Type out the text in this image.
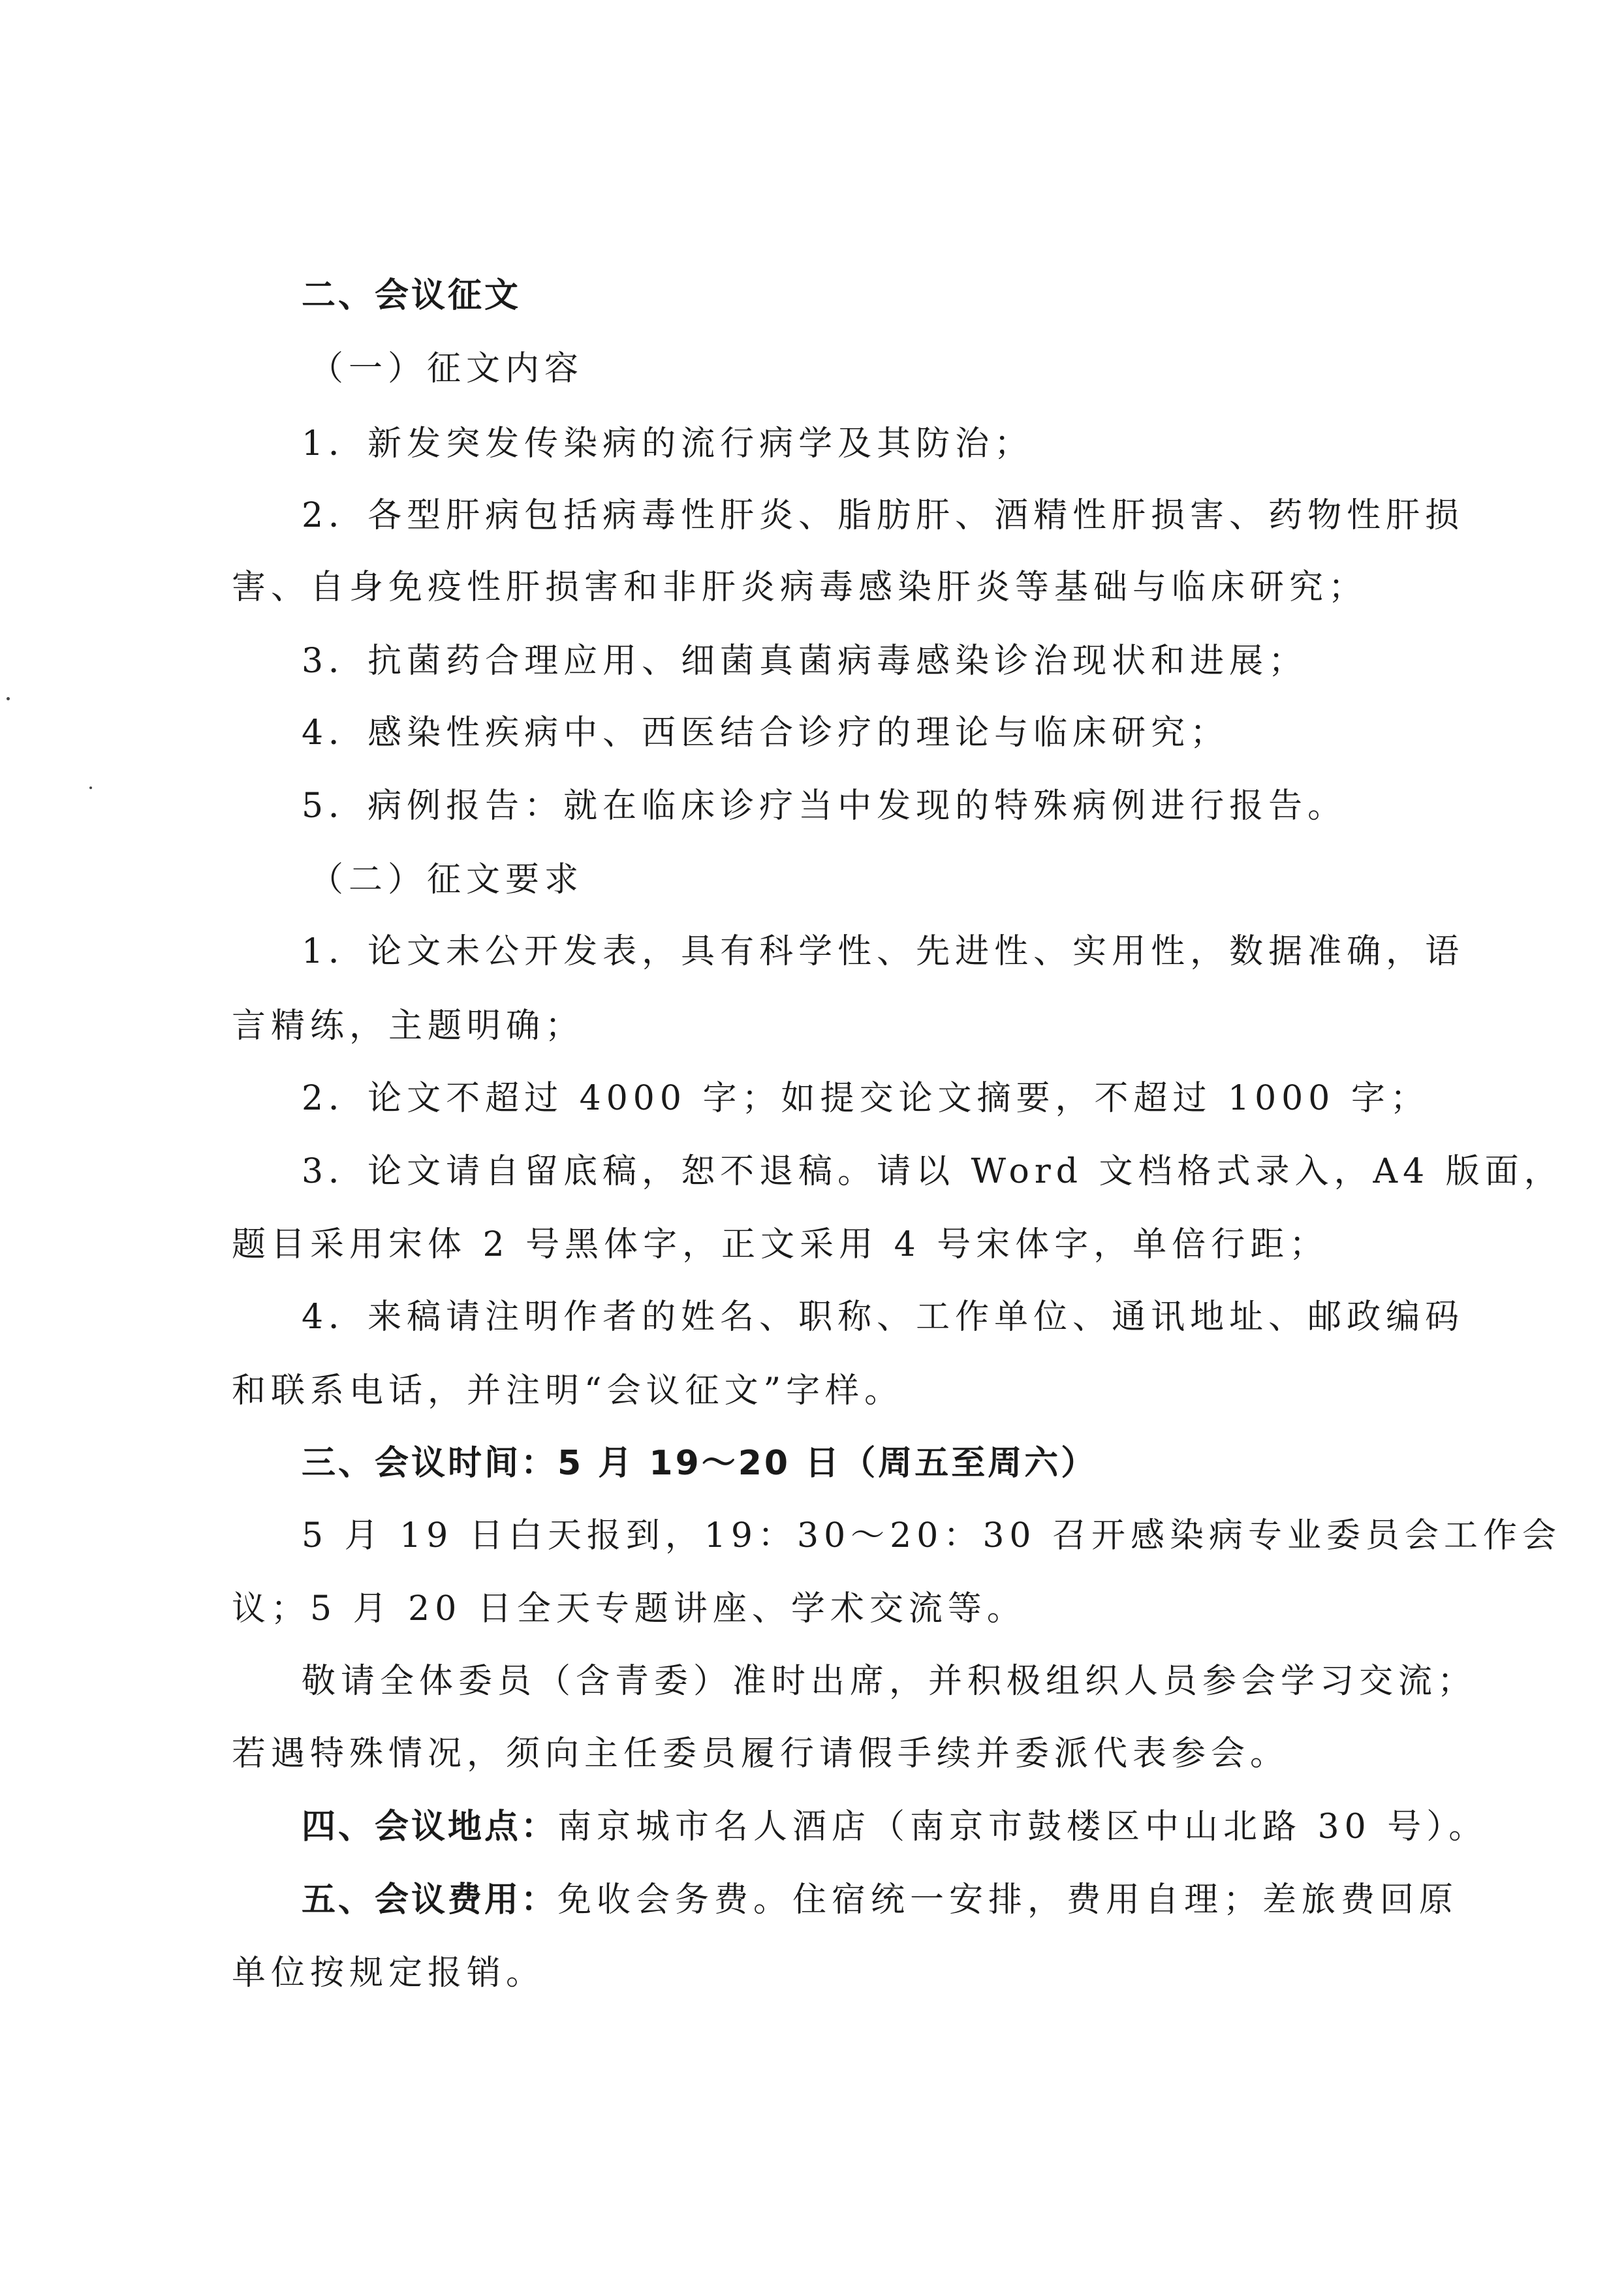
二、会议征文

（一）征文内容

1．新发突发传染病的流行病学及其防治；

2．各型肝病包括病毒性肝炎、脂肪肝、酒精性肝损害、药物性肝损

害、自身免疫性肝损害和非肝炎病毒感染肝炎等基础与临床研究；

3．抗菌药合理应用、细菌真菌病毒感染诊治现状和进展；

4．感染性疾病中、西医结合诊疗的理论与临床研究；

5．病例报告：就在临床诊疗当中发现的特殊病例进行报告。

（二）征文要求

1．论文未公开发表，具有科学性、先进性、实用性，数据准确，语

言精练，主题明确；

2．论文不超过 4000 字；如提交论文摘要，不超过 1000 字；

3．论文请自留底稿，恕不退稿。请以 Word 文档格式录入，A4 版面，

题目采用宋体 2 号黑体字，正文采用 4 号宋体字，单倍行距；

4．来稿请注明作者的姓名、职称、工作单位、通讯地址、邮政编码

和联系电话，并注明“会议征文”字样。

三、会议时间：5 月 19～20 日（周五至周六）

5 月 19 日白天报到，19：30～20：30 召开感染病专业委员会工作会

议；5 月 20 日全天专题讲座、学术交流等。

敬请全体委员（含青委）准时出席，并积极组织人员参会学习交流；

若遇特殊情况，须向主任委员履行请假手续并委派代表参会。

四、会议地点：南京城市名人酒店（南京市鼓楼区中山北路 30 号）。

五、会议费用：免收会务费。住宿统一安排，费用自理；差旅费回原

单位按规定报销。
